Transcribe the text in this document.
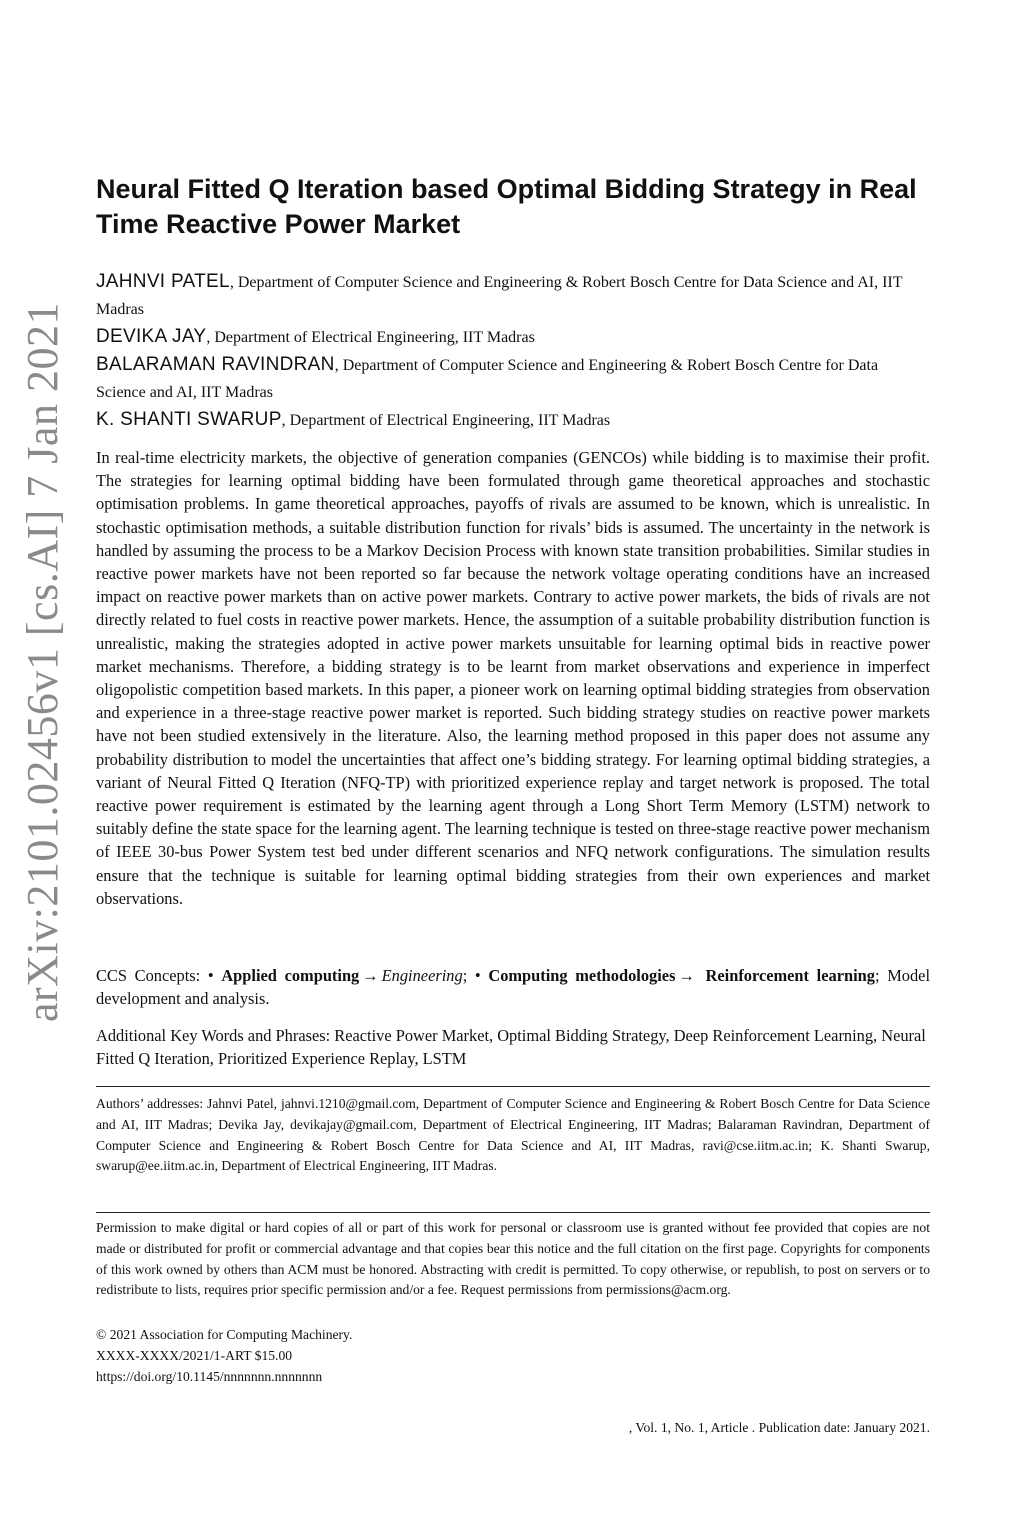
arXiv:2101.02456v1 [cs.AI] 7 Jan 2021
Neural Fitted Q Iteration based Optimal Bidding Strategy in Real Time Reactive Power Market

JAHNVI PATEL, Department of Computer Science and Engineering & Robert Bosch Centre for Data Science and AI, IIT Madras

DEVIKA JAY, Department of Electrical Engineering, IIT Madras

BALARAMAN RAVINDRAN, Department of Computer Science and Engineering & Robert Bosch Centre for Data Science and AI, IIT Madras

K. SHANTI SWARUP, Department of Electrical Engineering, IIT Madras

In real-time electricity markets, the objective of generation companies (GENCOs) while bidding is to maximise their profit. The strategies for learning optimal bidding have been formulated through game theoretical approaches and stochastic optimisation problems. In game theoretical approaches, payoffs of rivals are assumed to be known, which is unrealistic. In stochastic optimisation methods, a suitable distribution function for rivals’ bids is assumed. The uncertainty in the network is handled by assuming the process to be a Markov Decision Process with known state transition probabilities. Similar studies in reactive power markets have not been reported so far because the network voltage operating conditions have an increased impact on reactive power markets than on active power markets. Contrary to active power markets, the bids of rivals are not directly related to fuel costs in reactive power markets. Hence, the assumption of a suitable probability distribution function is unrealistic, making the strategies adopted in active power markets unsuitable for learning optimal bids in reactive power market mechanisms. Therefore, a bidding strategy is to be learnt from market observations and experience in imperfect oligopolistic competition based markets. In this paper, a pioneer work on learning optimal bidding strategies from observation and experience in a three-stage reactive power market is reported. Such bidding strategy studies on reactive power markets have not been studied extensively in the literature. Also, the learning method proposed in this paper does not assume any probability distribution to model the uncertainties that affect one’s bidding strategy. For learning optimal bidding strategies, a variant of Neural Fitted Q Iteration (NFQ-TP) with prioritized experience replay and target network is proposed. The total reactive power requirement is estimated by the learning agent through a Long Short Term Memory (LSTM) network to suitably define the state space for the learning agent. The learning technique is tested on three-stage reactive power mechanism of IEEE 30-bus Power System test bed under different scenarios and NFQ network configurations. The simulation results ensure that the technique is suitable for learning optimal bidding strategies from their own experiences and market observations.

CCS Concepts: • Applied computing → Engineering; • Computing methodologies → Reinforcement learning; Model development and analysis.

Additional Key Words and Phrases: Reactive Power Market, Optimal Bidding Strategy, Deep Reinforcement Learning, Neural Fitted Q Iteration, Prioritized Experience Replay, LSTM

Authors’ addresses: Jahnvi Patel, jahnvi.1210@gmail.com, Department of Computer Science and Engineering & Robert Bosch Centre for Data Science and AI, IIT Madras; Devika Jay, devikajay@gmail.com, Department of Electrical Engineering, IIT Madras; Balaraman Ravindran, Department of Computer Science and Engineering & Robert Bosch Centre for Data Science and AI, IIT Madras, ravi@cse.iitm.ac.in; K. Shanti Swarup, swarup@ee.iitm.ac.in, Department of Electrical Engineering, IIT Madras.

Permission to make digital or hard copies of all or part of this work for personal or classroom use is granted without fee provided that copies are not made or distributed for profit or commercial advantage and that copies bear this notice and the full citation on the first page. Copyrights for components of this work owned by others than ACM must be honored. Abstracting with credit is permitted. To copy otherwise, or republish, to post on servers or to redistribute to lists, requires prior specific permission and/or a fee. Request permissions from permissions@acm.org.

© 2021 Association for Computing Machinery.
XXXX-XXXX/2021/1-ART $15.00
https://doi.org/10.1145/nnnnnnn.nnnnnnn
, Vol. 1, No. 1, Article . Publication date: January 2021.
